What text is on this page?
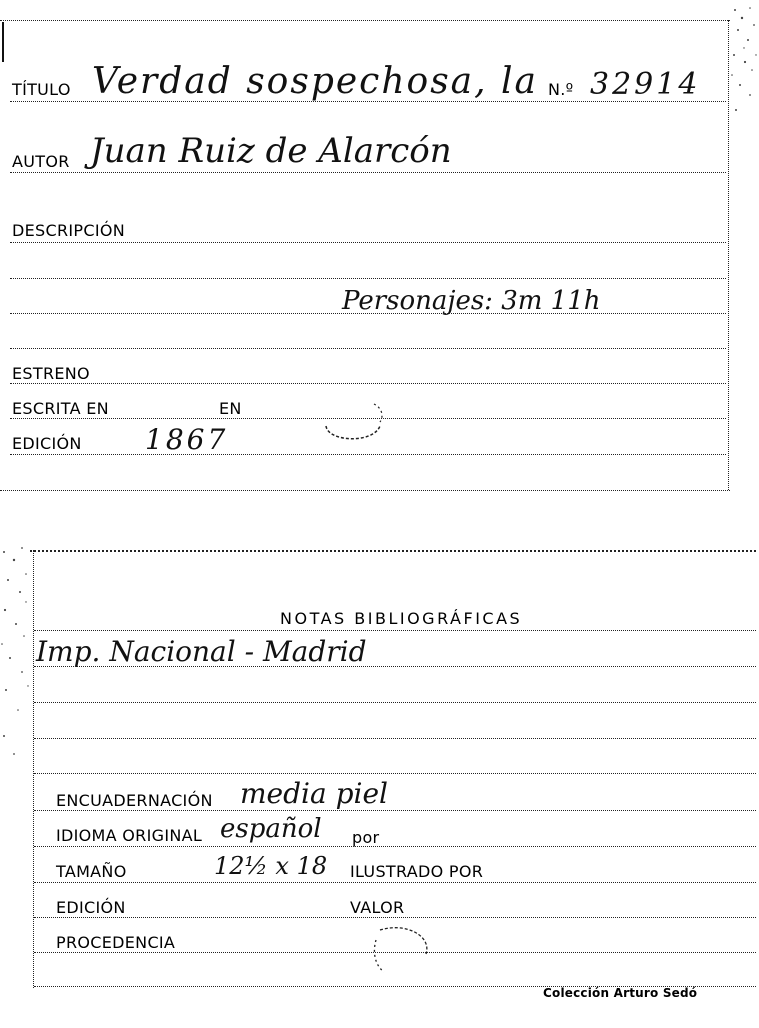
TÍTULO Verdad sospechosa, la N.º 32914
AUTOR Juan Ruiz de Alarcón
DESCRIPCIÓN
Personajes: 3m 11h
ESTRENO
ESCRITA EN	EN
EDICIÓN 1867
NOTAS BIBLIOGRÁFICAS
Imp. Nacional - Madrid
ENCUADERNACIÓN media piel
IDIOMA ORIGINAL español por
TAMAÑO	12½ x 18 ILUSTRADO POR
EDICIÓN	VALOR
PROCEDENCIA
Colección Arturo Sedó
